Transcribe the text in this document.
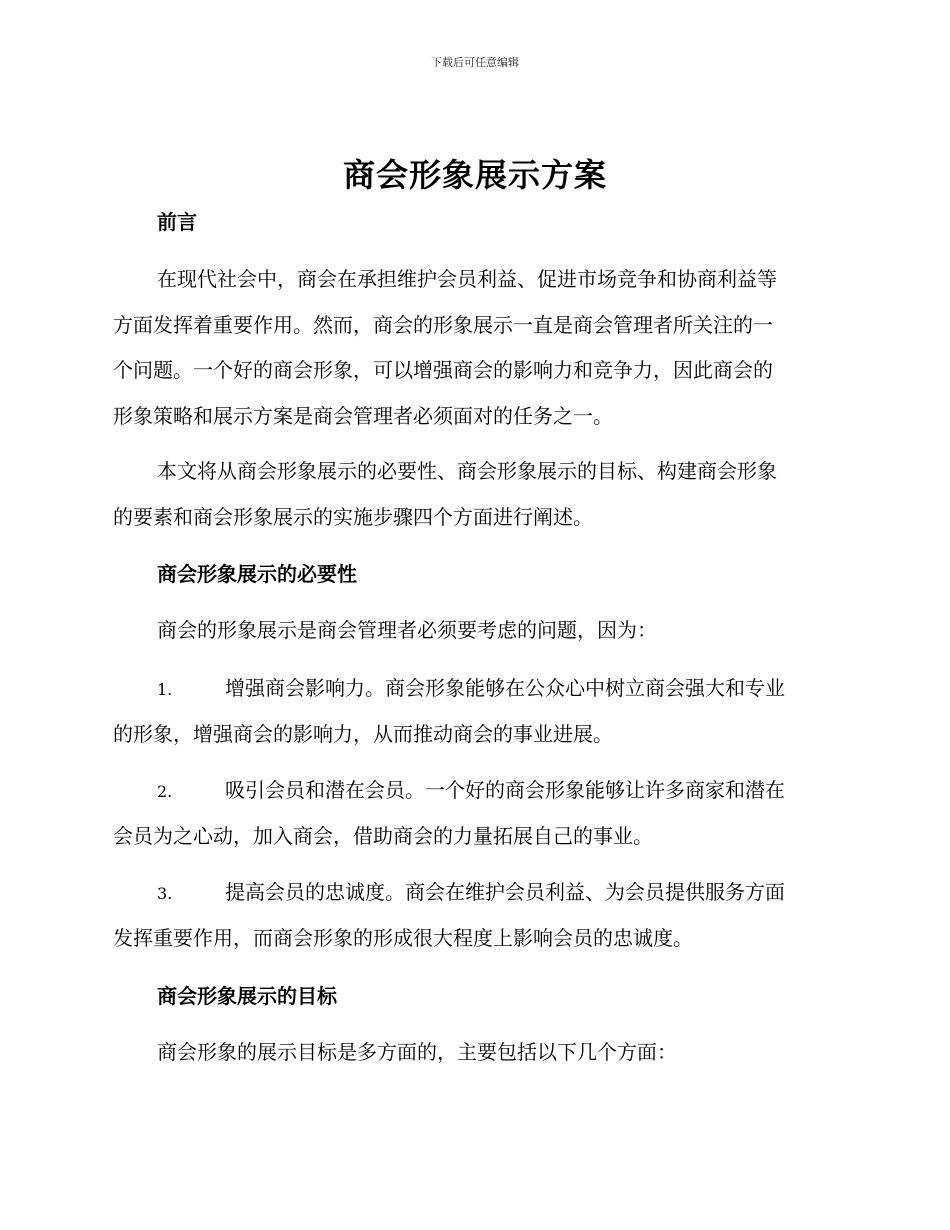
下载后可任意编辑
商会形象展示方案
前言
在现代社会中，商会在承担维护会员利益、促进市场竞争和协商利益等
方面发挥着重要作用。然而，商会的形象展示一直是商会管理者所关注的一
个问题。一个好的商会形象，可以增强商会的影响力和竞争力，因此商会的
形象策略和展示方案是商会管理者必须面对的任务之一。
本文将从商会形象展示的必要性、商会形象展示的目标、构建商会形象
的要素和商会形象展示的实施步骤四个方面进行阐述。
商会形象展示的必要性
商会的形象展示是商会管理者必须要考虑的问题，因为：
1.	增强商会影响力。商会形象能够在公众心中树立商会强大和专业
的形象，增强商会的影响力，从而推动商会的事业进展。
2.	吸引会员和潜在会员。一个好的商会形象能够让许多商家和潜在
会员为之心动，加入商会，借助商会的力量拓展自己的事业。
3.	提高会员的忠诚度。商会在维护会员利益、为会员提供服务方面
发挥重要作用，而商会形象的形成很大程度上影响会员的忠诚度。
商会形象展示的目标
商会形象的展示目标是多方面的，主要包括以下几个方面：
